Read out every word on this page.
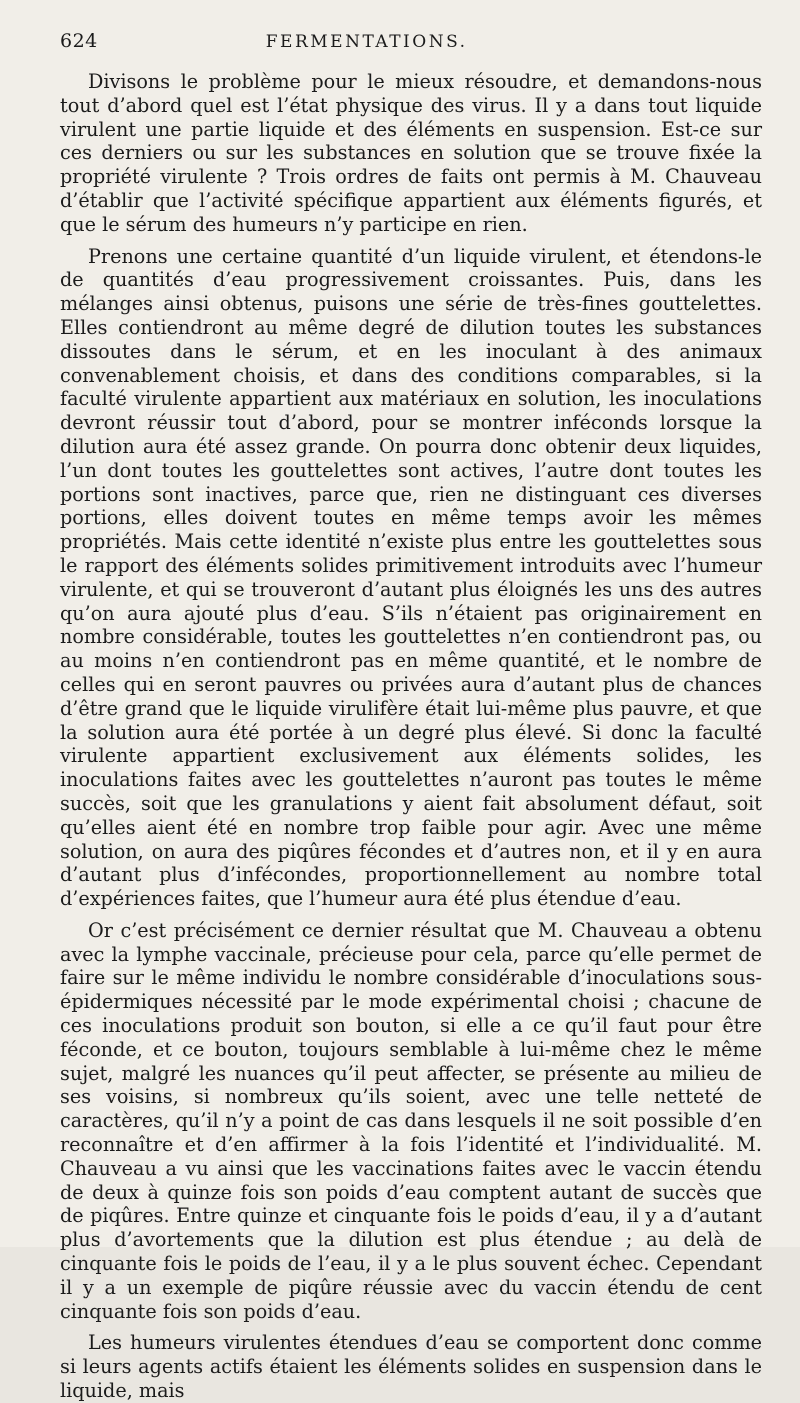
624	FERMENTATIONS.

Divisons le problème pour le mieux résoudre, et demandons-nous tout d’abord quel est l’état physique des virus. Il y a dans tout liquide virulent une partie liquide et des éléments en suspension. Est-ce sur ces derniers ou sur les substances en solution que se trouve fixée la propriété virulente ? Trois ordres de faits ont permis à M. Chauveau d’établir que l’activité spécifique appartient aux éléments figurés, et que le sérum des humeurs n’y participe en rien.

Prenons une certaine quantité d’un liquide virulent, et étendons-le de quantités d’eau progressivement croissantes. Puis, dans les mélanges ainsi obtenus, puisons une série de très-fines gouttelettes. Elles contiendront au même degré de dilution toutes les substances dissoutes dans le sérum, et en les inoculant à des animaux convenablement choisis, et dans des conditions comparables, si la faculté virulente appartient aux matériaux en solution, les inoculations devront réussir tout d’abord, pour se montrer inféconds lorsque la dilution aura été assez grande. On pourra donc obtenir deux liquides, l’un dont toutes les gouttelettes sont actives, l’autre dont toutes les portions sont inactives, parce que, rien ne distinguant ces diverses portions, elles doivent toutes en même temps avoir les mêmes propriétés. Mais cette identité n’existe plus entre les gouttelettes sous le rapport des éléments solides primitivement introduits avec l’humeur virulente, et qui se trouveront d’autant plus éloignés les uns des autres qu’on aura ajouté plus d’eau. S’ils n’étaient pas originairement en nombre considérable, toutes les gouttelettes n’en contiendront pas, ou au moins n’en contiendront pas en même quantité, et le nombre de celles qui en seront pauvres ou privées aura d’autant plus de chances d’être grand que le liquide virulifère était lui-même plus pauvre, et que la solution aura été portée à un degré plus élevé. Si donc la faculté virulente appartient exclusivement aux éléments solides, les inoculations faites avec les gouttelettes n’auront pas toutes le même succès, soit que les granulations y aient fait absolument défaut, soit qu’elles aient été en nombre trop faible pour agir. Avec une même solution, on aura des piqûres fécondes et d’autres non, et il y en aura d’autant plus d’infécondes, proportionnellement au nombre total d’expériences faites, que l’humeur aura été plus étendue d’eau.

Or c’est précisément ce dernier résultat que M. Chauveau a obtenu avec la lymphe vaccinale, précieuse pour cela, parce qu’elle permet de faire sur le même individu le nombre considérable d’inoculations sous-épidermiques nécessité par le mode expérimental choisi ; chacune de ces inoculations produit son bouton, si elle a ce qu’il faut pour être féconde, et ce bouton, toujours semblable à lui-même chez le même sujet, malgré les nuances qu’il peut affecter, se présente au milieu de ses voisins, si nombreux qu’ils soient, avec une telle netteté de caractères, qu’il n’y a point de cas dans lesquels il ne soit possible d’en reconnaître et d’en affirmer à la fois l’identité et l’individualité. M. Chauveau a vu ainsi que les vaccinations faites avec le vaccin étendu de deux à quinze fois son poids d’eau comptent autant de succès que de piqûres. Entre quinze et cinquante fois le poids d’eau, il y a d’autant plus d’avortements que la dilution est plus étendue ; au delà de cinquante fois le poids de l’eau, il y a le plus souvent échec. Cependant il y a un exemple de piqûre réussie avec du vaccin étendu de cent cinquante fois son poids d’eau.

Les humeurs virulentes étendues d’eau se comportent donc comme si leurs agents actifs étaient les éléments solides en suspension dans le liquide, mais
